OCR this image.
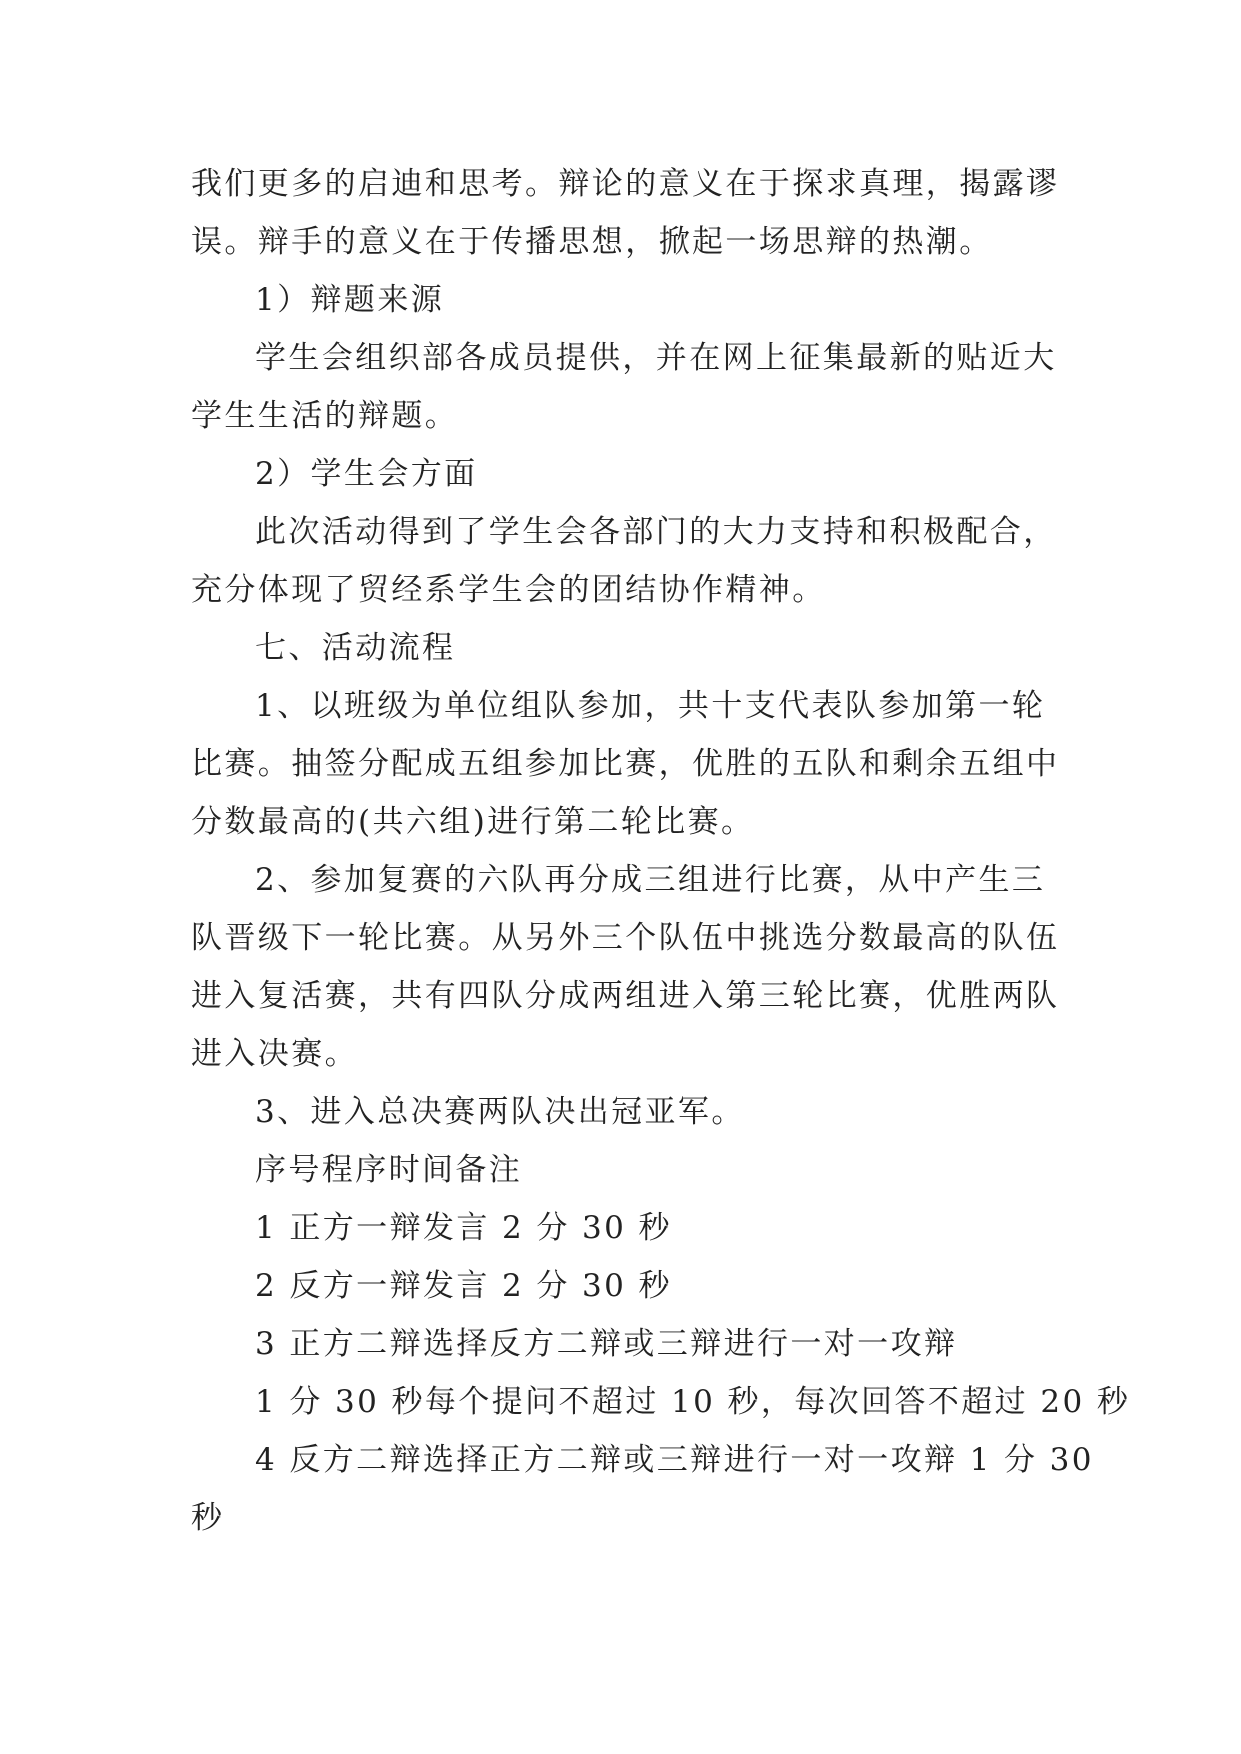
我们更多的启迪和思考。辩论的意义在于探求真理，揭露谬
误。辩手的意义在于传播思想，掀起一场思辩的热潮。
1）辩题来源
学生会组织部各成员提供，并在网上征集最新的贴近大
学生生活的辩题。
2）学生会方面
此次活动得到了学生会各部门的大力支持和积极配合，
充分体现了贸经系学生会的团结协作精神。
七、活动流程
1、以班级为单位组队参加，共十支代表队参加第一轮
比赛。抽签分配成五组参加比赛，优胜的五队和剩余五组中
分数最高的(共六组)进行第二轮比赛。
2、参加复赛的六队再分成三组进行比赛，从中产生三
队晋级下一轮比赛。从另外三个队伍中挑选分数最高的队伍
进入复活赛，共有四队分成两组进入第三轮比赛，优胜两队
进入决赛。
3、进入总决赛两队决出冠亚军。
序号程序时间备注
1 正方一辩发言 2 分 30 秒
2 反方一辩发言 2 分 30 秒
3 正方二辩选择反方二辩或三辩进行一对一攻辩
1 分 30 秒每个提问不超过 10 秒，每次回答不超过 20 秒
4 反方二辩选择正方二辩或三辩进行一对一攻辩 1 分 30
秒
